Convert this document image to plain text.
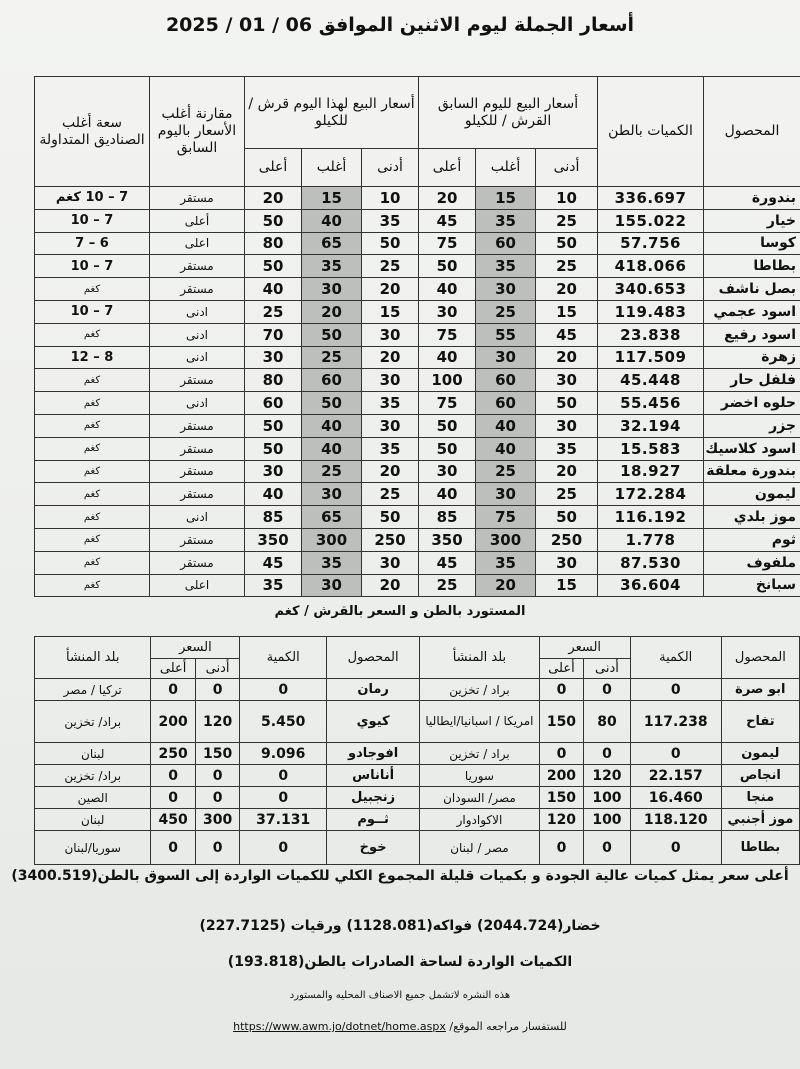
أسعار الجملة ليوم الاثنين الموافق 06 / 01 / 2025
المحصول	الكميات بالطن	أسعار البيع لليوم السابق القرش / للكيلو			أسعار البيع لهذا اليوم قرش / للكيلو			مقارنة أغلب الأسعار باليوم السابق	سعة أغلب الصناديق المتداولة
		أدنى	أغلب	أعلى	أدنى	أغلب	أعلى		
بندورة	336.697	10	15	20	10	15	20	مستقر	7 – 10 كغم
خيار	155.022	25	35	45	35	40	50	أعلى	7 – 10
كوسا	57.756	50	60	75	50	65	80	اعلى	6 – 7
بطاطا	418.066	25	35	50	25	35	50	مستقر	7 – 10
بصل ناشف	340.653	20	30	40	20	30	40	مستقر	كغم
اسود عجمي	119.483	15	25	30	15	20	25	ادنى	7 – 10
اسود رفيع	23.838	45	55	75	30	50	70	ادنى	كغم
زهرة	117.509	20	30	40	20	25	30	ادنى	8 – 12
فلفل حار	45.448	30	60	100	30	60	80	مستقر	كغم
حلوه اخضر	55.456	50	60	75	35	50	60	ادنى	كغم
جزر	32.194	30	40	50	30	40	50	مستقر	كغم
اسود كلاسيك	15.583	35	40	50	35	40	50	مستقر	كغم
بندورة معلقة	18.927	20	25	30	20	25	30	مستقر	كغم
ليمون	172.284	25	30	40	25	30	40	مستقر	كغم
موز بلدي	116.192	50	75	85	50	65	85	ادنى	كغم
ثوم	1.778	250	300	350	250	300	350	مستقر	كغم
ملفوف	87.530	30	35	45	30	35	45	مستقر	كغم
سبانخ	36.604	15	20	25	20	30	35	اعلى	كغم
المستورد بالطن و السعر بالقرش / كغم
المحصول	الكمية	السعر		بلد المنشأ	المحصول	الكمية	السعر		بلد المنشأ
		أدنى	أعلى				أدنى	أعلى	
ابو صرة	0	0	0	براد / تخزين	رمان	0	0	0	تركيا / مصر
تفاح	117.238	80	150	امريكا / اسبانيا/ايطاليا	كيوي	5.450	120	200	براد/ تخزين
ليمون	0	0	0	براد / تخزين	افوجادو	9.096	150	250	لبنان
انجاص	22.157	120	200	سوريا	أناناس	0	0	0	براد/ تخزين
منجا	16.460	100	150	مصر/ السودان	زنجبيل	0	0	0	الصين
موز أجنبي	118.120	100	120	الاكوادوار	ثــوم	37.131	300	450	لبنان
بطاطا	0	0	0	مصر / لبنان	خوخ	0	0	0	سوريا/لبنان
أعلى سعر يمثل كميات عالية الجودة و بكميات قليلة المجموع الكلي للكميات الواردة إلى السوق بالطن(3400.519)
خضار(2044.724) فواكه(1128.081) ورقيات (227.7125)
الكميات الواردة لساحة الصادرات بالطن(193.818)
هذه النشره لاتشمل جميع الاصناف المحليه والمستورد
للستفسار مراجعه الموقع/ https://www.awm.jo/dotnet/home.aspx
